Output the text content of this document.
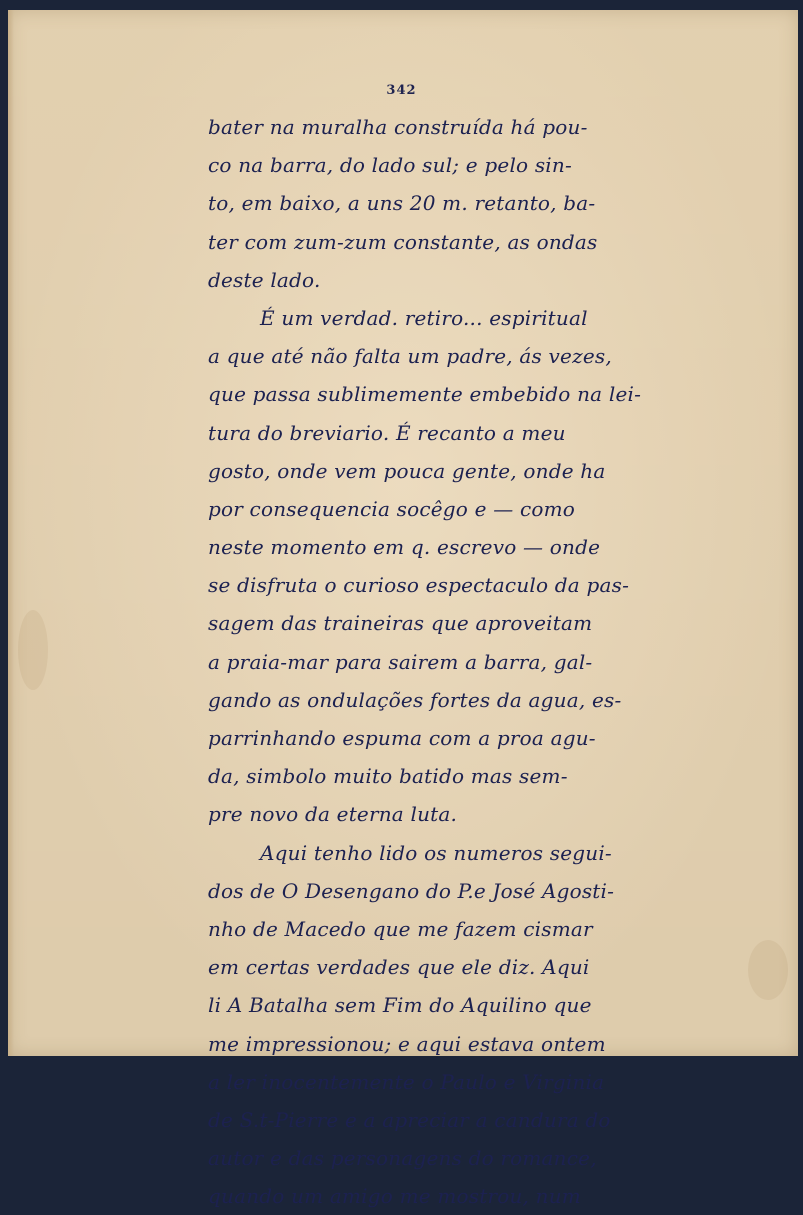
342
bater na muralha construída há pou-
co na barra, do lado sul; e pelo sin-
to, em baixo, a uns 20 m. retanto, ba-
ter com zum-zum constante, as ondas
deste lado.
É um verdad. retiro... espiritual
a que até não falta um padre, ás vezes,
que passa sublimemente embebido na lei-
tura do breviario. É recanto a meu
gosto, onde vem pouca gente, onde ha
por consequencia socêgo e — como
neste momento em q. escrevo — onde
se disfruta o curioso espectaculo da pas-
sagem das traineiras que aproveitam
a praia-mar para sairem a barra, gal-
gando as ondulações fortes da agua, es-
parrinhando espuma com a proa agu-
da, simbolo muito batido mas sem-
pre novo da eterna luta.
Aqui tenho lido os numeros segui-
dos de O Desengano do P.e José Agosti-
nho de Macedo que me fazem cismar
em certas verdades que ele diz. Aqui
li A Batalha sem Fim do Aquilino que
me impressionou; e aqui estava ontem
a ler inocentemente o Paulo e Virginia
de S.t-Pierre e a apreciar a candura do
autor e das personagens do romance,
quando um amigo me mostrou, num
